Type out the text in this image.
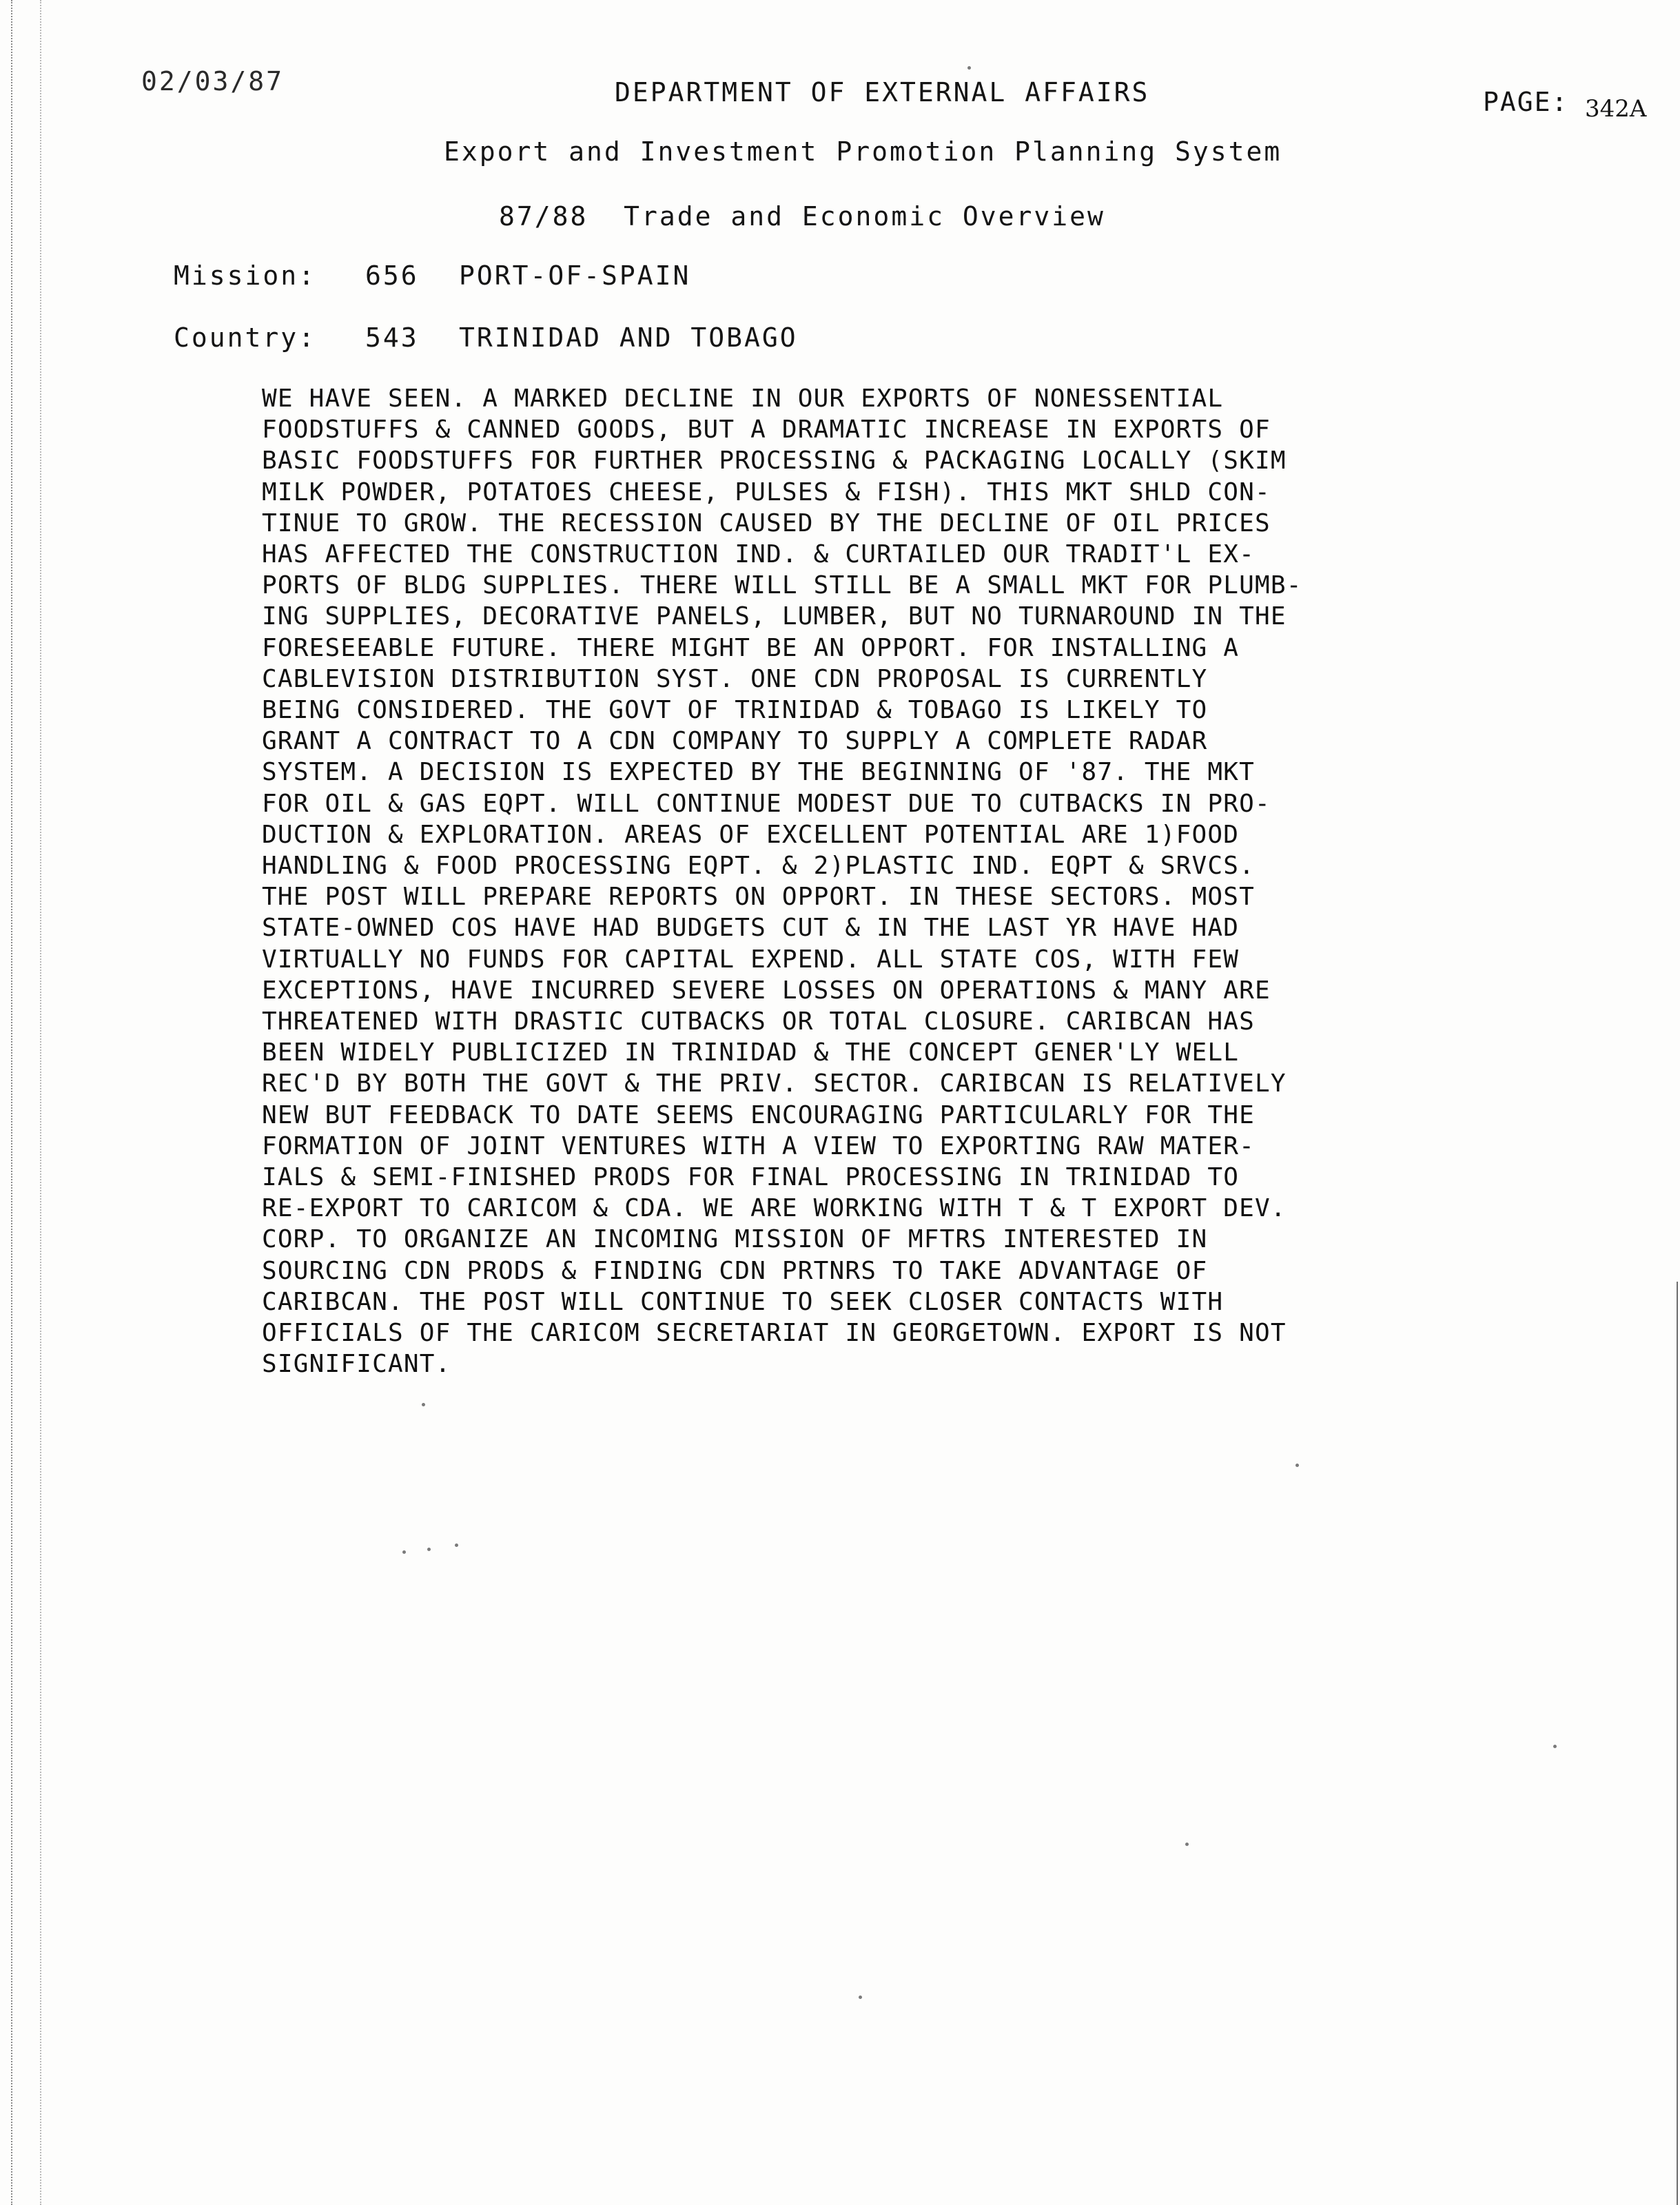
02/03/87	DEPARTMENT OF EXTERNAL AFFAIRS	PAGE: 342A
Export and Investment Promotion Planning System
87/88  Trade and Economic Overview
Mission: 656 PORT-OF-SPAIN
Country: 543 TRINIDAD AND TOBAGO

WE HAVE SEEN. A MARKED DECLINE IN OUR EXPORTS OF NONESSENTIAL
FOODSTUFFS & CANNED GOODS, BUT A DRAMATIC INCREASE IN EXPORTS OF
BASIC FOODSTUFFS FOR FURTHER PROCESSING & PACKAGING LOCALLY (SKIM
MILK POWDER, POTATOES CHEESE, PULSES & FISH). THIS MKT SHLD CON-
TINUE TO GROW. THE RECESSION CAUSED BY THE DECLINE OF OIL PRICES
HAS AFFECTED THE CONSTRUCTION IND. & CURTAILED OUR TRADIT'L EX-
PORTS OF BLDG SUPPLIES. THERE WILL STILL BE A SMALL MKT FOR PLUMB-
ING SUPPLIES, DECORATIVE PANELS, LUMBER, BUT NO TURNAROUND IN THE
FORESEEABLE FUTURE. THERE MIGHT BE AN OPPORT. FOR INSTALLING A
CABLEVISION DISTRIBUTION SYST. ONE CDN PROPOSAL IS CURRENTLY
BEING CONSIDERED. THE GOVT OF TRINIDAD & TOBAGO IS LIKELY TO
GRANT A CONTRACT TO A CDN COMPANY TO SUPPLY A COMPLETE RADAR
SYSTEM. A DECISION IS EXPECTED BY THE BEGINNING OF '87. THE MKT
FOR OIL & GAS EQPT. WILL CONTINUE MODEST DUE TO CUTBACKS IN PRO-
DUCTION & EXPLORATION. AREAS OF EXCELLENT POTENTIAL ARE 1)FOOD
HANDLING & FOOD PROCESSING EQPT. & 2)PLASTIC IND. EQPT & SRVCS.
THE POST WILL PREPARE REPORTS ON OPPORT. IN THESE SECTORS. MOST
STATE-OWNED COS HAVE HAD BUDGETS CUT & IN THE LAST YR HAVE HAD
VIRTUALLY NO FUNDS FOR CAPITAL EXPEND. ALL STATE COS, WITH FEW
EXCEPTIONS, HAVE INCURRED SEVERE LOSSES ON OPERATIONS & MANY ARE
THREATENED WITH DRASTIC CUTBACKS OR TOTAL CLOSURE. CARIBCAN HAS
BEEN WIDELY PUBLICIZED IN TRINIDAD & THE CONCEPT GENER'LY WELL
REC'D BY BOTH THE GOVT & THE PRIV. SECTOR. CARIBCAN IS RELATIVELY
NEW BUT FEEDBACK TO DATE SEEMS ENCOURAGING PARTICULARLY FOR THE
FORMATION OF JOINT VENTURES WITH A VIEW TO EXPORTING RAW MATER-
IALS & SEMI-FINISHED PRODS FOR FINAL PROCESSING IN TRINIDAD TO
RE-EXPORT TO CARICOM & CDA. WE ARE WORKING WITH T & T EXPORT DEV.
CORP. TO ORGANIZE AN INCOMING MISSION OF MFTRS INTERESTED IN
SOURCING CDN PRODS & FINDING CDN PRTNRS TO TAKE ADVANTAGE OF
CARIBCAN. THE POST WILL CONTINUE TO SEEK CLOSER CONTACTS WITH
OFFICIALS OF THE CARICOM SECRETARIAT IN GEORGETOWN. EXPORT IS NOT
SIGNIFICANT.
